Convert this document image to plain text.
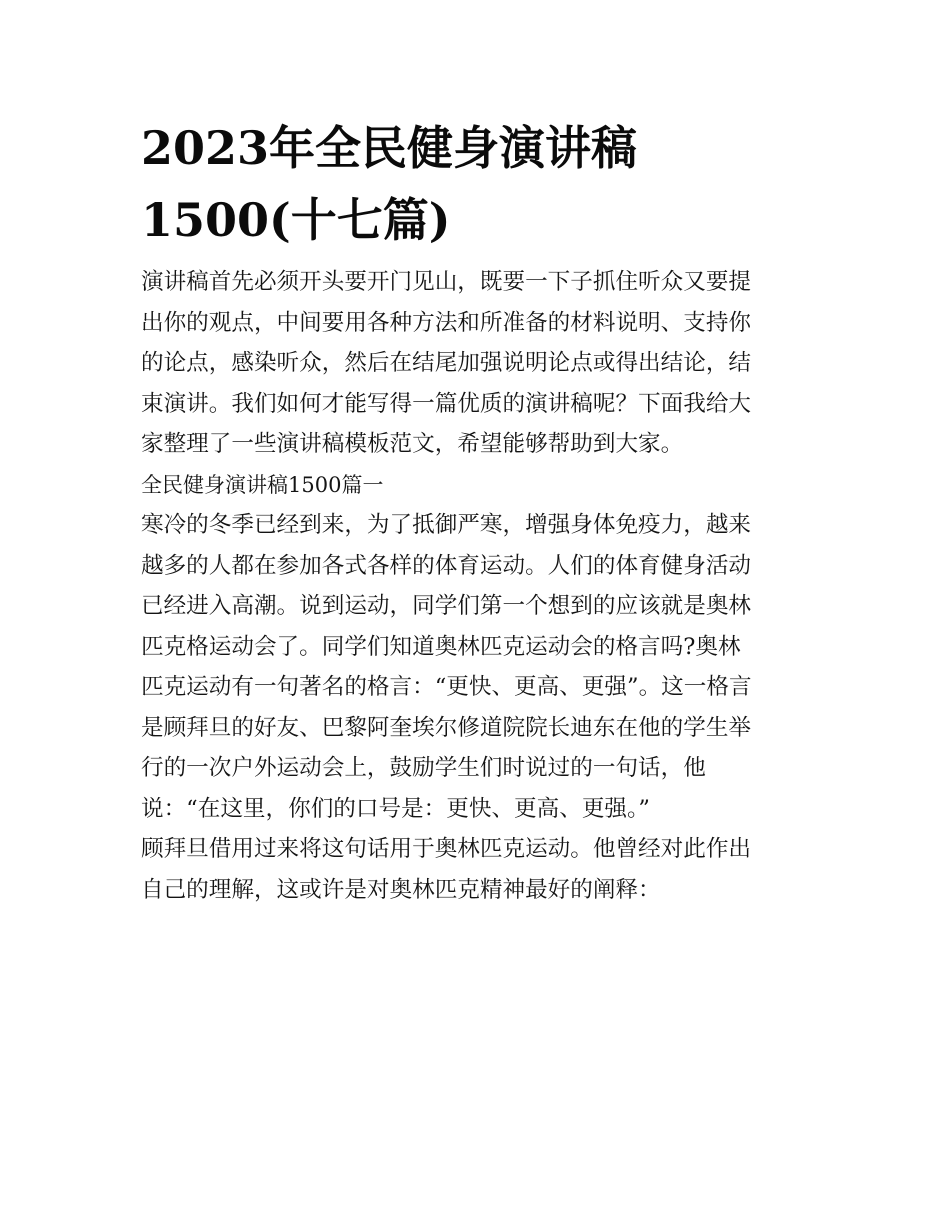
2023年全民健身演讲稿
1500(十七篇)

演讲稿首先必须开头要开门见山，既要一下子抓住听众又要提
出你的观点，中间要用各种方法和所准备的材料说明、支持你
的论点，感染听众，然后在结尾加强说明论点或得出结论，结
束演讲。我们如何才能写得一篇优质的演讲稿呢？下面我给大
家整理了一些演讲稿模板范文，希望能够帮助到大家。

全民健身演讲稿1500篇一

寒冷的冬季已经到来，为了抵御严寒，增强身体免疫力，越来
越多的人都在参加各式各样的体育运动。人们的体育健身活动
已经进入高潮。说到运动，同学们第一个想到的应该就是奥林
匹克格运动会了。同学们知道奥林匹克运动会的格言吗?奥林
匹克运动有一句著名的格言：“更快、更高、更强”。这一格言
是顾拜旦的好友、巴黎阿奎埃尔修道院院长迪东在他的学生举
行的一次户外运动会上，鼓励学生们时说过的一句话，他
说：“在这里，你们的口号是：更快、更高、更强。”
顾拜旦借用过来将这句话用于奥林匹克运动。他曾经对此作出
自己的理解，这或许是对奥林匹克精神最好的阐释：
